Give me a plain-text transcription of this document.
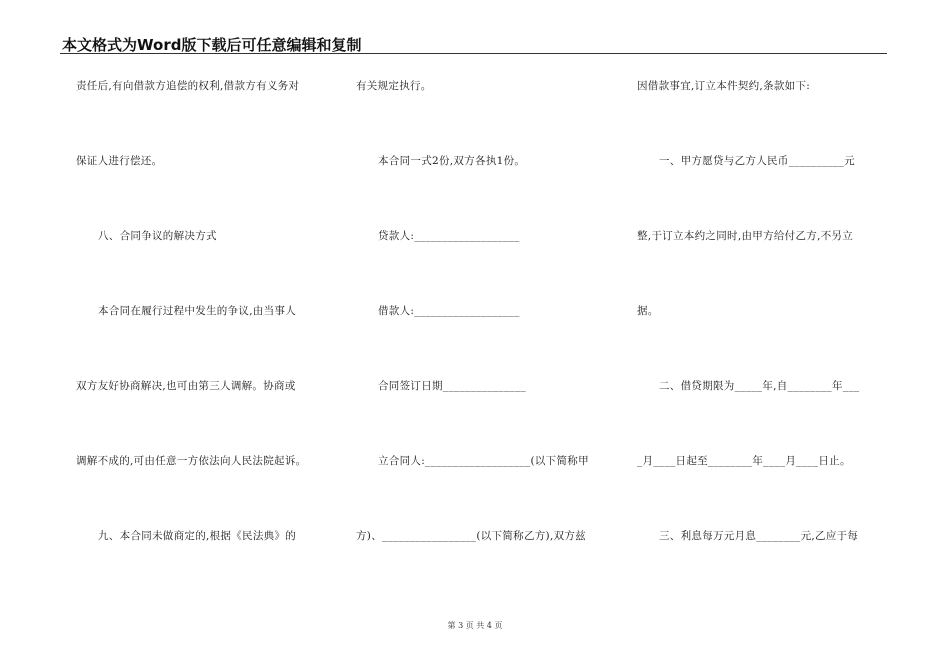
本文格式为Word版下载后可任意编辑和复制
责任后,有向借款方追偿的权利,借款方有义务对
保证人进行偿还。
八、合同争议的解决方式
本合同在履行过程中发生的争议,由当事人
双方友好协商解决,也可由第三人调解。协商或
调解不成的,可由任意一方依法向人民法院起诉。
九、本合同未做商定的,根据《民法典》的
有关规定执行。
本合同一式2份,双方各执1份。
贷款人:___________________
借款人:___________________
合同签订日期_______________
立合同人:___________________(以下简称甲
方)、_________________(以下简称乙方),双方兹
因借款事宜,订立本件契约,条款如下:
一、甲方愿贷与乙方人民币__________元
整,于订立本约之同时,由甲方给付乙方,不另立
据。
二、借贷期限为_____年,自________年___
_月____日起至________年____月____日止。
三、利息每万元月息________元,乙应于每
第 3 页 共 4 页
